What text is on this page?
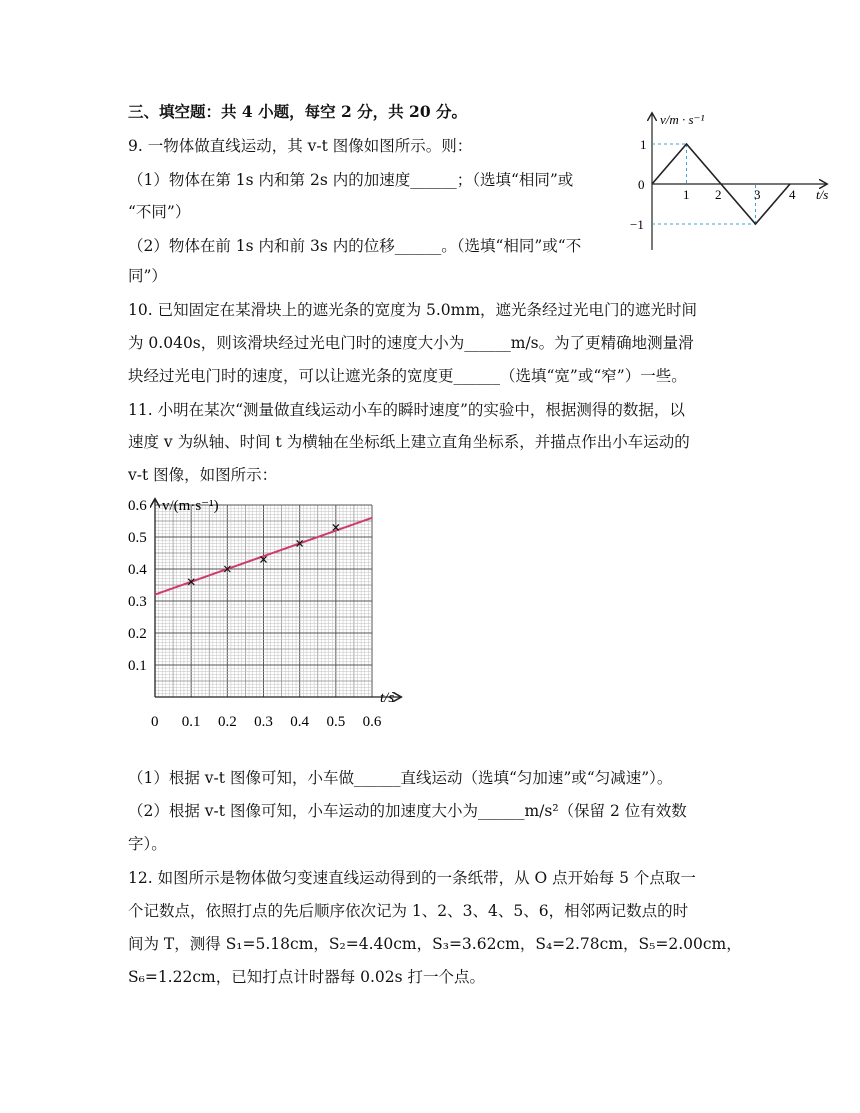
三、填空题：共 4 小题，每空 2 分，共 20 分。
9. 一物体做直线运动，其 v-t 图像如图所示。则：
（1）物体在第 1s 内和第 2s 内的加速度______；（选填“相同”或
“不同”）
（2）物体在前 1s 内和前 3s 内的位移______。（选填“相同”或“不
同”）
v/m · s⁻¹
t/s
0
1
−1
1 2	3 4
10. 已知固定在某滑块上的遮光条的宽度为 5.0mm，遮光条经过光电门的遮光时间
为 0.040s，则该滑块经过光电门时的速度大小为______m/s。为了更精确地测量滑
块经过光电门时的速度，可以让遮光条的宽度更______（选填“宽”或“窄”）一些。
11. 小明在某次“测量做直线运动小车的瞬时速度”的实验中，根据测得的数据，以
速度 v 为纵轴、时间 t 为横轴在坐标纸上建立直角坐标系，并描点作出小车运动的
v-t 图像，如图所示：
v/(m·s⁻¹)
t/s
0
0.1
0.2
0.3
0.4
0.5
0.6
0.1 0.2 0.3 0.4 0.5 0.6
（1）根据 v-t 图像可知，小车做______直线运动（选填“匀加速”或“匀减速”）。
（2）根据 v-t 图像可知，小车运动的加速度大小为______m/s²（保留 2 位有效数
字）。
12. 如图所示是物体做匀变速直线运动得到的一条纸带，从 O 点开始每 5 个点取一
个记数点，依照打点的先后顺序依次记为 1、2、3、4、5、6，相邻两记数点的时
间为 T，测得 S₁=5.18cm，S₂=4.40cm，S₃=3.62cm，S₄=2.78cm，S₅=2.00cm，
S₆=1.22cm，已知打点计时器每 0.02s 打一个点。
